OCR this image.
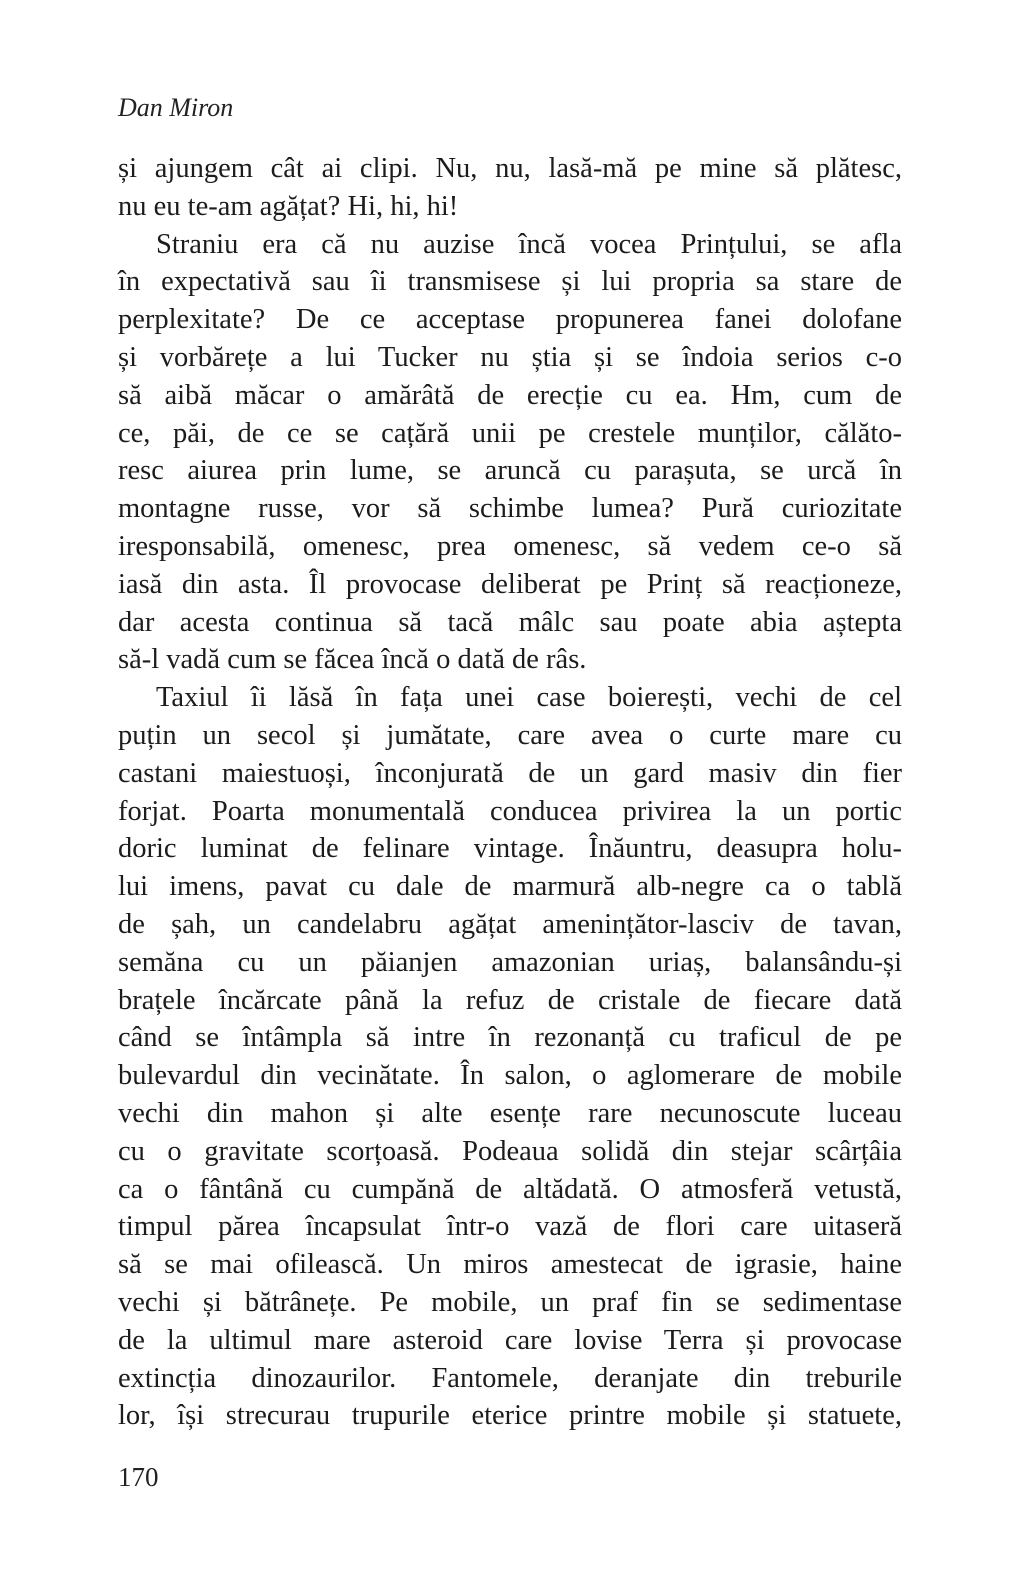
Dan Miron
și ajungem cât ai clipi. Nu, nu, lasă-mă pe mine să plătesc,
nu eu te-am agățat? Hi, hi, hi!
Straniu era că nu auzise încă vocea Prințului, se afla
în expectativă sau îi transmisese și lui propria sa stare de
perplexitate? De ce acceptase propunerea fanei dolofane
și vorbărețe a lui Tucker nu știa și se îndoia serios c-o
să aibă măcar o amărâtă de erecție cu ea. Hm, cum de
ce, păi, de ce se cațără unii pe crestele munților, călăto-
resc aiurea prin lume, se aruncă cu parașuta, se urcă în
montagne russe, vor să schimbe lumea? Pură curiozitate
iresponsabilă, omenesc, prea omenesc, să vedem ce-o să
iasă din asta. Îl provocase deliberat pe Prinț să reacționeze,
dar acesta continua să tacă mâlc sau poate abia aștepta
să-l vadă cum se făcea încă o dată de râs.
Taxiul îi lăsă în fața unei case boierești, vechi de cel
puțin un secol și jumătate, care avea o curte mare cu
castani maiestuoși, înconjurată de un gard masiv din fier
forjat. Poarta monumentală conducea privirea la un portic
doric luminat de felinare vintage. Înăuntru, deasupra holu-
lui imens, pavat cu dale de marmură alb-negre ca o tablă
de șah, un candelabru agățat amenințător-lasciv de tavan,
semăna cu un păianjen amazonian uriaș, balansându-și
brațele încărcate până la refuz de cristale de fiecare dată
când se întâmpla să intre în rezonanță cu traficul de pe
bulevardul din vecinătate. În salon, o aglomerare de mobile
vechi din mahon și alte esențe rare necunoscute luceau
cu o gravitate scorțoasă. Podeaua solidă din stejar scârțâia
ca o fântână cu cumpănă de altădată. O atmosferă vetustă,
timpul părea încapsulat într-o vază de flori care uitaseră
să se mai ofilească. Un miros amestecat de igrasie, haine
vechi și bătrânețe. Pe mobile, un praf fin se sedimentase
de la ultimul mare asteroid care lovise Terra și provocase
extincția dinozaurilor. Fantomele, deranjate din treburile
lor, își strecurau trupurile eterice printre mobile și statuete,
170
